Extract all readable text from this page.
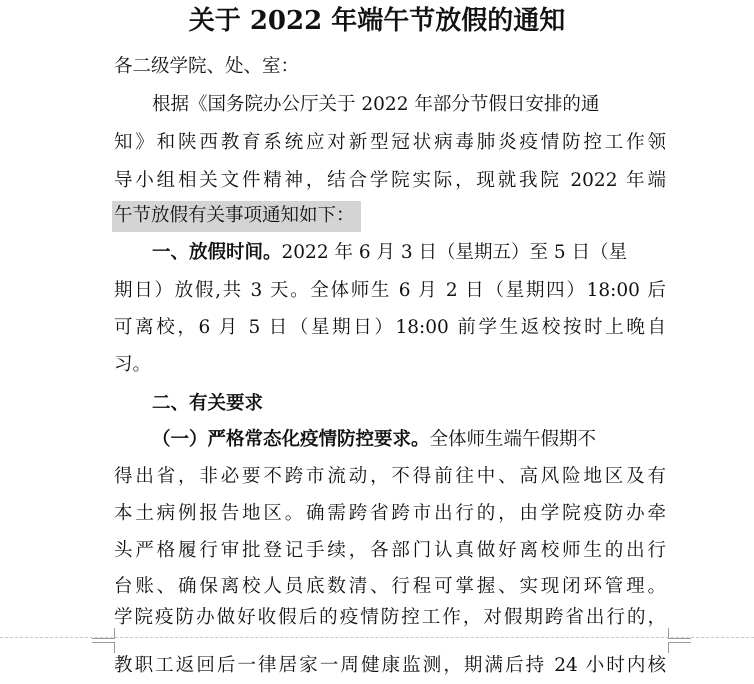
关于 2022 年端午节放假的通知

各二级学院、处、室：

根据《国务院办公厅关于 2022 年部分节假日安排的通

知》和陕西教育系统应对新型冠状病毒肺炎疫情防控工作领

导小组相关文件精神，结合学院实际，现就我院 2022 年端

午节放假有关事项通知如下：

一、放假时间。2022 年 6 月 3 日（星期五）至 5 日（星

期日）放假,共 3 天。全体师生 6 月 2 日（星期四）18:00 后

可离校，6 月 5 日（星期日）18:00 前学生返校按时上晚自

习。

二、有关要求

（一）严格常态化疫情防控要求。全体师生端午假期不

得出省，非必要不跨市流动，不得前往中、高风险地区及有

本土病例报告地区。确需跨省跨市出行的，由学院疫防办牵

头严格履行审批登记手续，各部门认真做好离校师生的出行

台账、确保离校人员底数清、行程可掌握、实现闭环管理。

学院疫防办做好收假后的疫情防控工作，对假期跨省出行的，

教职工返回后一律居家一周健康监测，期满后持 24 小时内核
